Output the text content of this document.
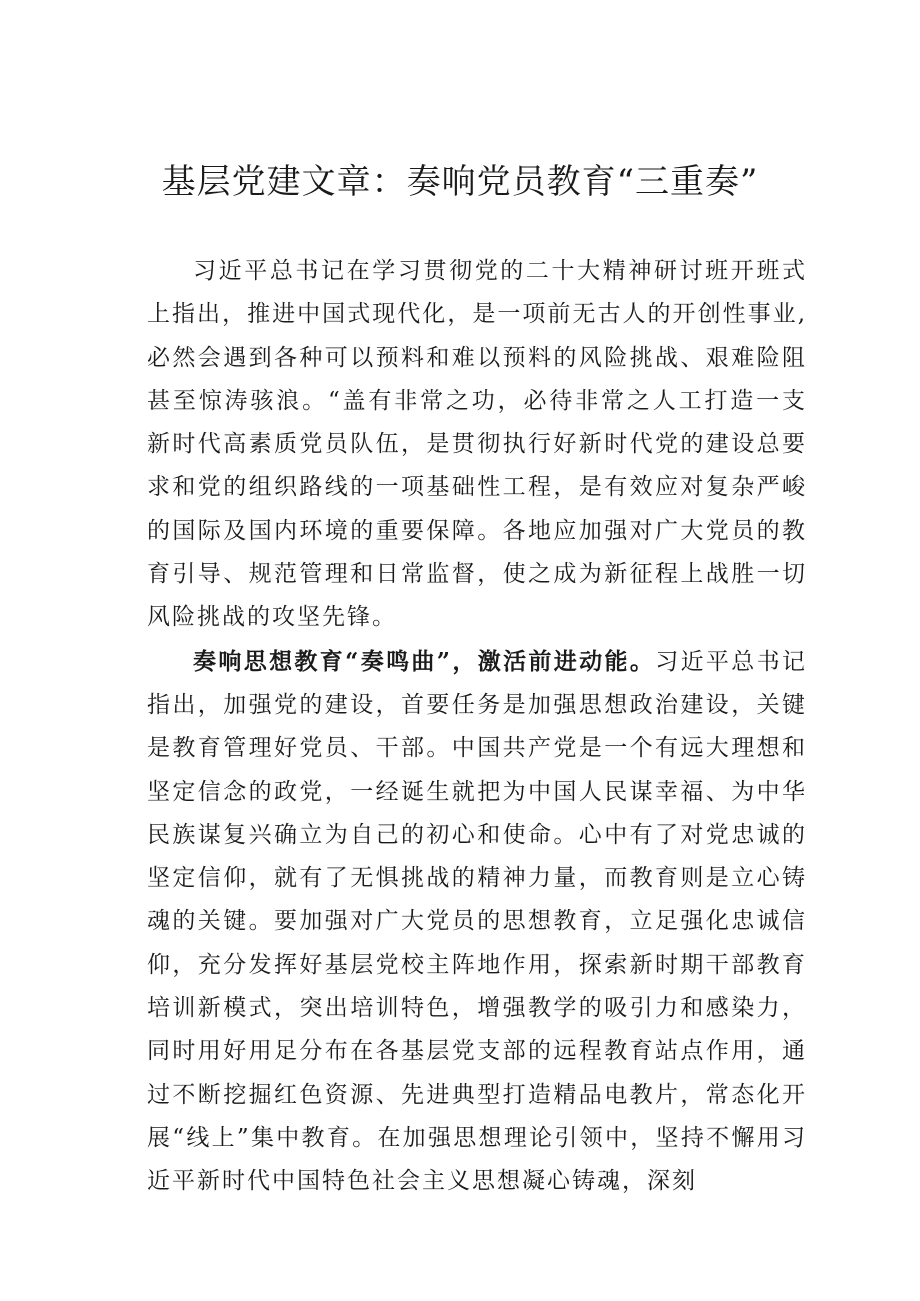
基层党建文章：奏响党员教育“三重奏”

习近平总书记在学习贯彻党的二十大精神研讨班开班式上指出，推进中国式现代化，是一项前无古人的开创性事业,必然会遇到各种可以预料和难以预料的风险挑战、艰难险阻甚至惊涛骇浪。“盖有非常之功，必待非常之人工打造一支新时代高素质党员队伍，是贯彻执行好新时代党的建设总要求和党的组织路线的一项基础性工程，是有效应对复杂严峻的国际及国内环境的重要保障。各地应加强对广大党员的教育引导、规范管理和日常监督，使之成为新征程上战胜一切风险挑战的攻坚先锋。

奏响思想教育“奏鸣曲”，激活前进动能。习近平总书记指出，加强党的建设，首要任务是加强思想政治建设，关键是教育管理好党员、干部。中国共产党是一个有远大理想和坚定信念的政党，一经诞生就把为中国人民谋幸福、为中华民族谋复兴确立为自己的初心和使命。心中有了对党忠诚的坚定信仰，就有了无惧挑战的精神力量，而教育则是立心铸魂的关键。要加强对广大党员的思想教育，立足强化忠诚信仰，充分发挥好基层党校主阵地作用，探索新时期干部教育培训新模式，突出培训特色，增强教学的吸引力和感染力，同时用好用足分布在各基层党支部的远程教育站点作用，通过不断挖掘红色资源、先进典型打造精品电教片，常态化开展“线上”集中教育。在加强思想理论引领中，坚持不懈用习近平新时代中国特色社会主义思想凝心铸魂，深刻
